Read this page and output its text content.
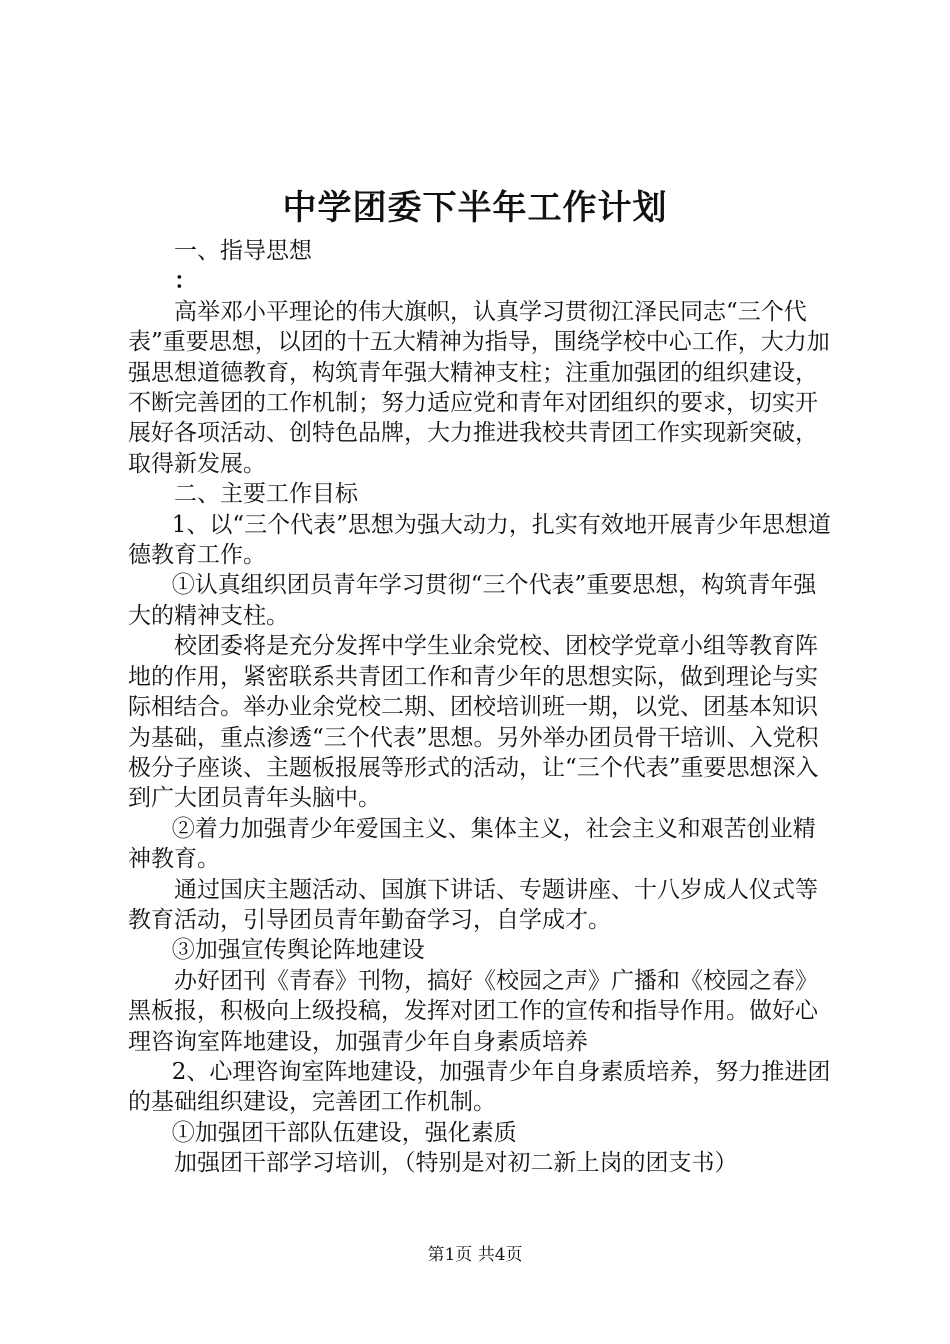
中学团委下半年工作计划

一、指导思想

：

高举邓小平理论的伟大旗帜，认真学习贯彻江泽民同志“三个代表”重要思想，以团的十五大精神为指导，围绕学校中心工作，大力加强思想道德教育，构筑青年强大精神支柱；注重加强团的组织建设，不断完善团的工作机制；努力适应党和青年对团组织的要求，切实开展好各项活动、创特色品牌，大力推进我校共青团工作实现新突破，取得新发展。

二、主要工作目标

1、以“三个代表”思想为强大动力，扎实有效地开展青少年思想道德教育工作。

①认真组织团员青年学习贯彻“三个代表”重要思想，构筑青年强大的精神支柱。

校团委将是充分发挥中学生业余党校、团校学党章小组等教育阵地的作用，紧密联系共青团工作和青少年的思想实际，做到理论与实际相结合。举办业余党校二期、团校培训班一期，以党、团基本知识为基础，重点渗透“三个代表”思想。另外举办团员骨干培训、入党积极分子座谈、主题板报展等形式的活动，让“三个代表”重要思想深入到广大团员青年头脑中。

②着力加强青少年爱国主义、集体主义，社会主义和艰苦创业精神教育。

通过国庆主题活动、国旗下讲话、专题讲座、十八岁成人仪式等教育活动，引导团员青年勤奋学习，自学成才。

③加强宣传舆论阵地建设

办好团刊《青春》刊物，搞好《校园之声》广播和《校园之春》黑板报，积极向上级投稿，发挥对团工作的宣传和指导作用。做好心理咨询室阵地建设，加强青少年自身素质培养

2、心理咨询室阵地建设，加强青少年自身素质培养，努力推进团的基础组织建设，完善团工作机制。

①加强团干部队伍建设，强化素质

加强团干部学习培训，（特别是对初二新上岗的团支书）

第1页 共4页
